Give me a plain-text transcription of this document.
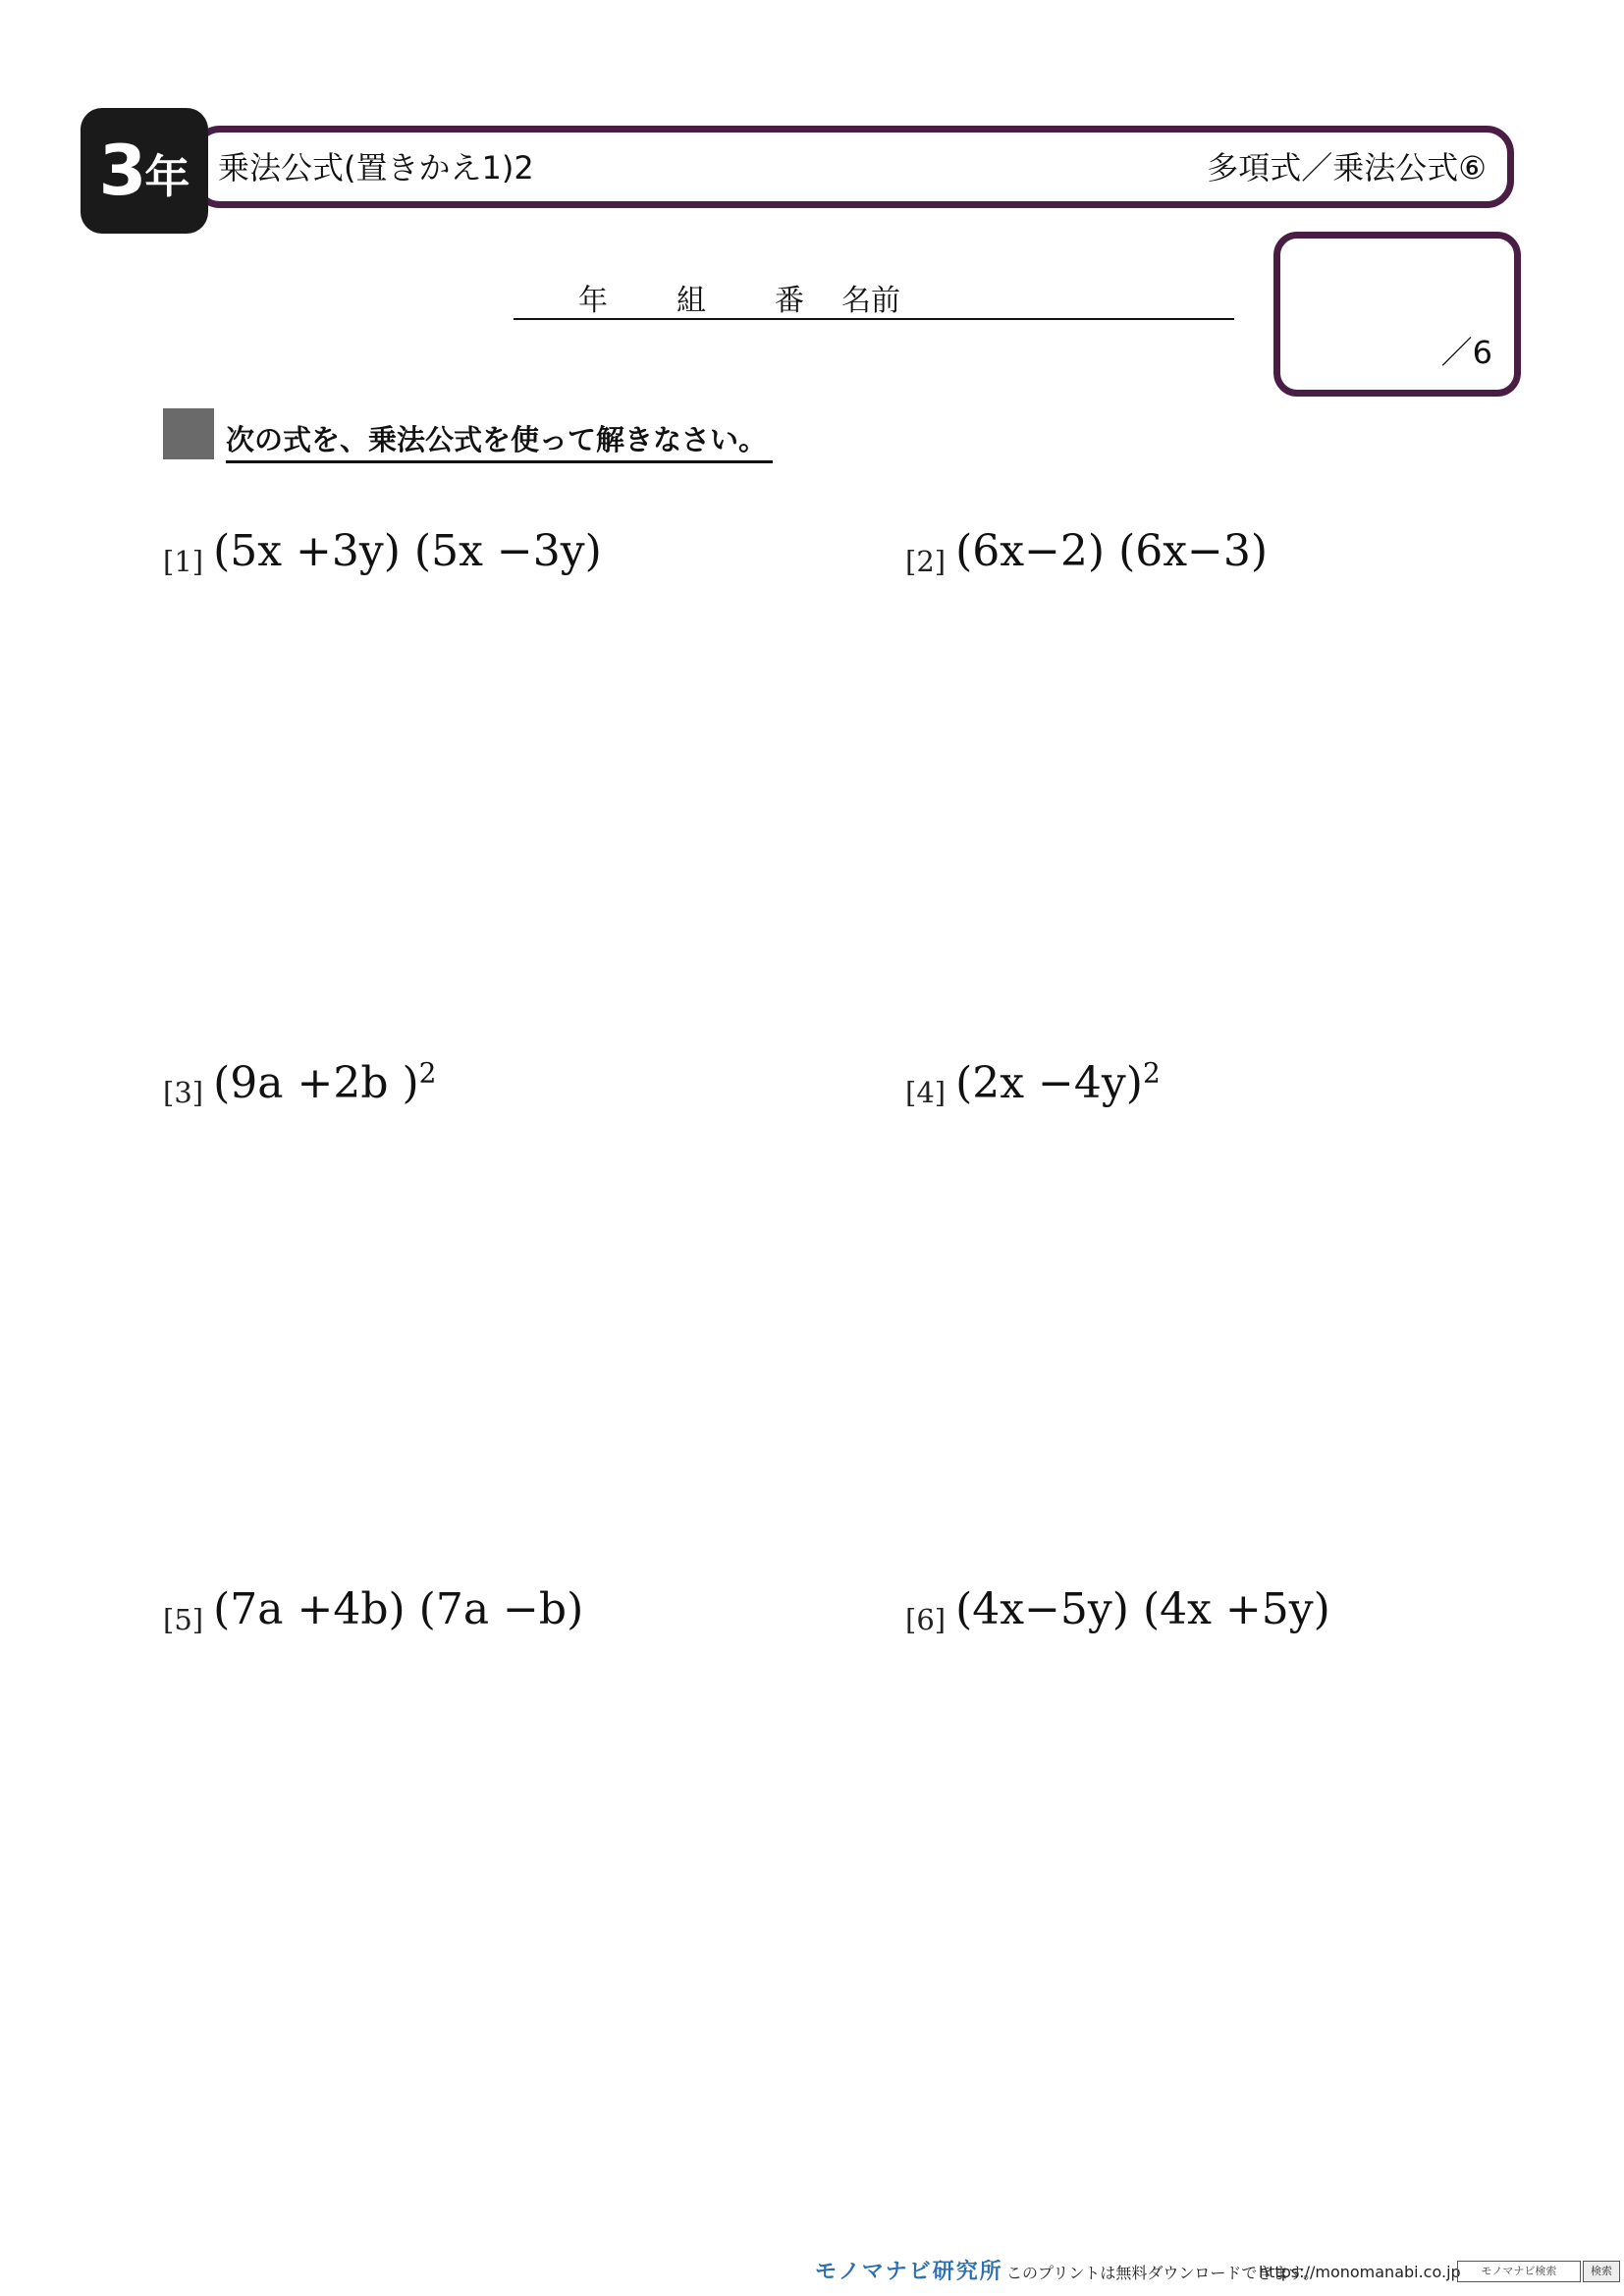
3 年 乗法公式(置きかえ1)2	多項式／乗法公式⑥
年 組 番 名前
／6
次の式を、乗法公式を使って解きなさい。
[1] (5x +3y) (5x −3y)	[2] (6x−2) (6x−3)
[3] (9a +2b )$^2$
[4] $(2x -4y)^2$
[5] (7a +4b) (7a −b)	[6] (4x−5y) (4x +5y)
モノマナビ研究所 このプリントは無料ダウンロードできます。
https://monomanabi.co.jp	モノマナビ検索	検索
